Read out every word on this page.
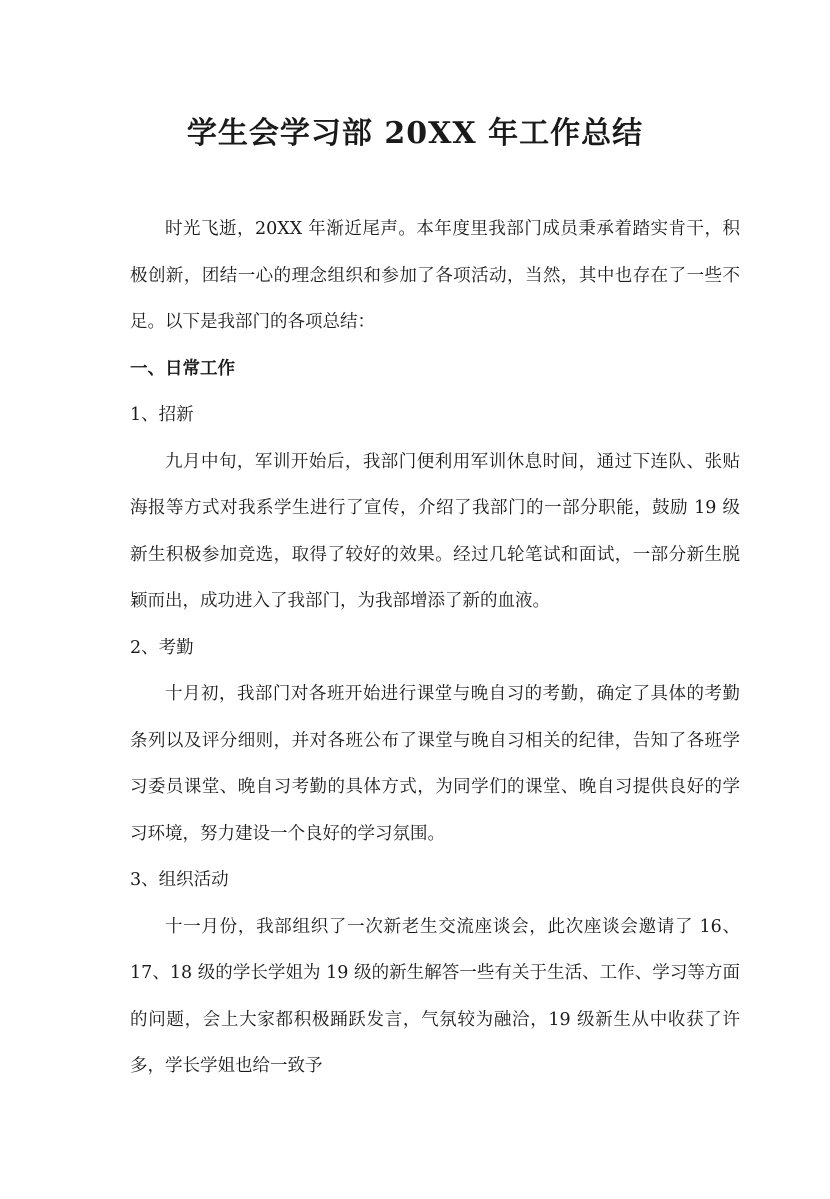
​
​
学生会学习部 20XX 年工作总结

时光飞逝，20XX 年渐近尾声。本年度里我部门成员秉承着踏实肯干，积极创新，团结一心的理念组织和参加了各项活动，当然，其中也存在了一些不足。以下是我部门的各项总结：

一、日常工作

1、招新

九月中旬，军训开始后，我部门便利用军训休息时间，通过下连队、张贴海报等方式对我系学生进行了宣传，介绍了我部门的一部分职能，鼓励 19 级新生积极参加竞选，取得了较好的效果。经过几轮笔试和面试，一部分新生脱颖而出，成功进入了我部门，为我部增添了新的血液。

2、考勤

十月初，我部门对各班开始进行课堂与晚自习的考勤，确定了具体的考勤条列以及评分细则，并对各班公布了课堂与晚自习相关的纪律，告知了各班学习委员课堂、晚自习考勤的具体方式，为同学们的课堂、晚自习提供良好的学习环境，努力建设一个良好的学习氛围。

3、组织活动

十一月份，我部组织了一次新老生交流座谈会，此次座谈会邀请了 16、17、18 级的学长学姐为 19 级的新生解答一些有关于生活、工作、学习等方面的问题，会上大家都积极踊跃发言，气氛较为融洽，19 级新生从中收获了许多，学长学姐也给一致予
